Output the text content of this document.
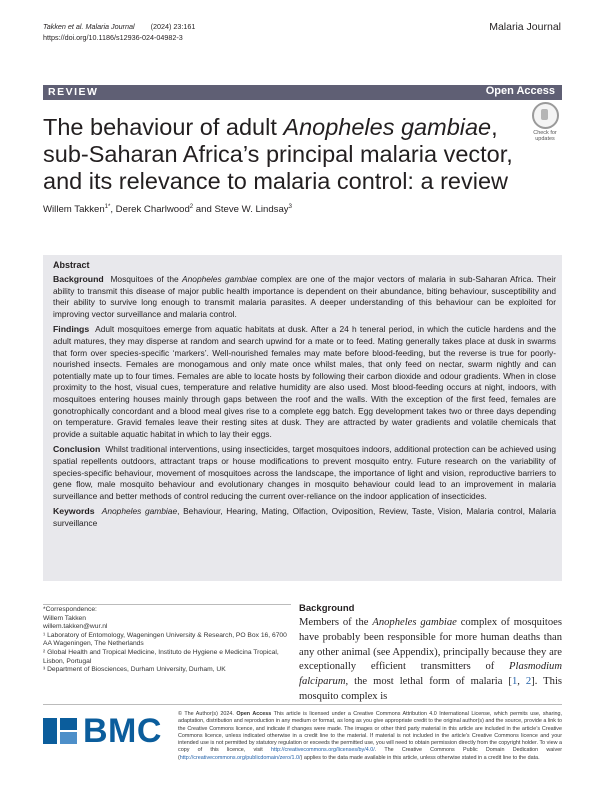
Takken et al. Malaria Journal (2024) 23:161
https://doi.org/10.1186/s12936-024-04982-3
Malaria Journal
REVIEW	Open Access
The behaviour of adult Anopheles gambiae, sub-Saharan Africa’s principal malaria vector, and its relevance to malaria control: a review
Check for
updates
Willem Takken$^{1*}$, Derek Charlwood$^2$ and Steve W. Lindsay$^3$
Abstract

Background Mosquitoes of the Anopheles gambiae complex are one of the major vectors of malaria in sub-Saharan Africa. Their ability to transmit this disease of major public health importance is dependent on their abundance, biting behaviour, susceptibility and their ability to survive long enough to transmit malaria parasites. A deeper understanding of this behaviour can be exploited for improving vector surveillance and malaria control.

Findings Adult mosquitoes emerge from aquatic habitats at dusk. After a 24 h teneral period, in which the cuticle hardens and the adult matures, they may disperse at random and search upwind for a mate or to feed. Mating generally takes place at dusk in swarms that form over species-specific ‘markers’. Well-nourished females may mate before blood-feeding, but the reverse is true for poorly-nourished insects. Females are monogamous and only mate once whilst males, that only feed on nectar, swarm nightly and can potentially mate up to four times. Females are able to locate hosts by following their carbon dioxide and odour gradients. When in close proximity to the host, visual cues, temperature and relative humidity are also used. Most blood-feeding occurs at night, indoors, with mosquitoes entering houses mainly through gaps between the roof and the walls. With the exception of the first feed, females are gonotrophically concordant and a blood meal gives rise to a complete egg batch. Egg development takes two or three days depending on temperature. Gravid females leave their resting sites at dusk. They are attracted by water gradients and volatile chemicals that provide a suitable aquatic habitat in which to lay their eggs.

Conclusion Whilst traditional interventions, using insecticides, target mosquitoes indoors, additional protection can be achieved using spatial repellents outdoors, attractant traps or house modifications to prevent mosquito entry. Future research on the variability of species-specific behaviour, movement of mosquitoes across the landscape, the importance of light and vision, reproductive barriers to gene flow, male mosquito behaviour and evolutionary changes in mosquito behaviour could lead to an improvement in malaria surveillance and better methods of control reducing the current over-reliance on the indoor application of insecticides.

Keywords Anopheles gambiae, Behaviour, Hearing, Mating, Olfaction, Oviposition, Review, Taste, Vision, Malaria control, Malaria surveillance

*Correspondence:

Willem Takken

willem.takken@wur.nl

¹ Laboratory of Entomology, Wageningen University & Research, PO Box 16, 6700 AA Wageningen, The Netherlands

² Global Health and Tropical Medicine, Instituto de Hygiene e Medicina Tropical, Lisbon, Portugal

³ Department of Biosciences, Durham University, Durham, UK

Background
Members of the Anopheles gambiae complex of mosquitoes have probably been responsible for more human deaths than any other animal (see Appendix), principally because they are exceptionally efficient transmitters of Plasmodium falciparum, the most lethal form of malaria [1, 2]. This mosquito complex is
BMC	© The Author(s) 2024. Open Access This article is licensed under a Creative Commons Attribution 4.0 International License, which permits use, sharing, adaptation, distribution and reproduction in any medium or format, as long as you give appropriate credit to the original author(s) and the source, provide a link to the Creative Commons licence, and indicate if changes were made. The images or other third party material in this article are included in the article’s Creative Commons licence, unless indicated otherwise in a credit line to the material. If material is not included in the article’s Creative Commons licence and your intended use is not permitted by statutory regulation or exceeds the permitted use, you will need to obtain permission directly from the copyright holder. To view a copy of this licence, visit http://creativecommons.org/licenses/by/4.0/. The Creative Commons Public Domain Dedication waiver (http://creativecommons.org/publicdomain/zero/1.0/) applies to the data made available in this article, unless otherwise stated in a credit line to the data.
